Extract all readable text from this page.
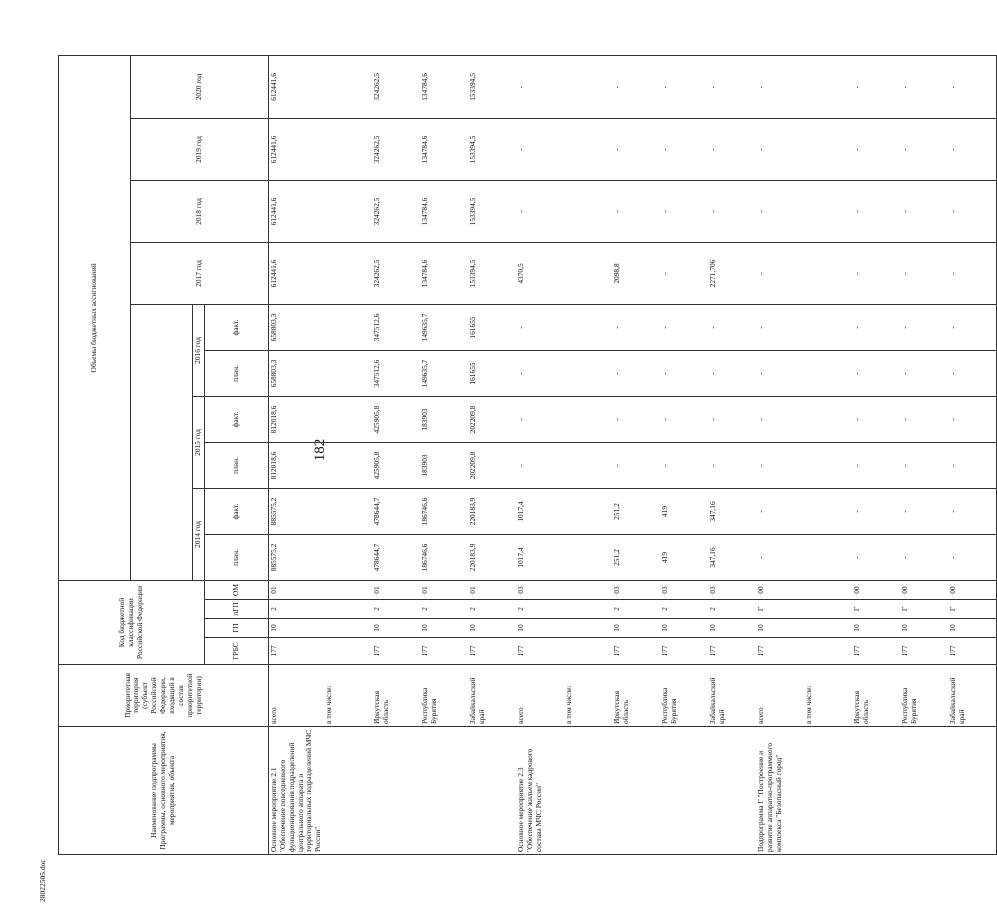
182
28022505.doc
Наименование подпрограммы Программы, основного мероприятия, мероприятия, объекта	Приоритетная территория (субъект Российской Федерации, входящий в состав приоритетной территории)	Код бюджетной классификации Российской Федерации				Объемы бюджетных ассигнований									
												2017 год	2018 год	2019 год	2020 год
						2014 год		2015 год		2016 год					
		ГРБС	ГП	пГП	ОМ	план.	факт.	план.	факт.	план.	факт.				
Основное мероприятие 2.1 "Обеспечение повседневного функционирования подразделений центрального аппарата и территориальных подразделений МЧС России"	всего	177	10	2	01	885575,2	885575,2	812018,6	812018,6	658803,3	658803,3	612441,6	612441,6	612441,6	612441,6
	в том числе:														
	Иркутская область	177	10	2	01	478644,7	478644,7	425905,8	425905,8	347512,6	347512,6	324262,5	324262,5	324262,5	324262,5
	Республика Бурятия	177	10	2	01	186746,6	186746,6	183903	183903	149635,7	149635,7	134784,6	134784,6	134784,6	134784,6
	Забайкальский край	177	10	2	01	220183,9	220183,9	202209,8	202209,8	161655	161655	153394,5	153394,5	153394,5	153394,5
Основное мероприятие 2.3 "Обеспечение жильем кадрового состава МЧС России"	всего	177	10	2	03	1017,4	1017,4	-	-	-	-	4370,5	-	-	-
	в том числе:														
	Иркутская область	177	10	2	03	251,2	251,2	-	-	-	-	2098,8	-	-	-
	Республика Бурятия	177	10	2	03	419	419	-	-	-	-	-	-	-	-
	Забайкальский край	177	10	2	03	347,16	347,16	-	-	-	-	2271,706	-	-	-
Подпрограмма Г "Построение и развитие аппаратно-программного комплекса "Безопасный город"	всего	177	10	Г	00	-	-	-	-	-	-	-	-	-	-
	в том числе:														
	Иркутская область	177	10	Г	00	-	-	-	-	-	-	-	-	-	-
	Республика Бурятия	177	10	Г	00	-	-	-	-	-	-	-	-	-	-
	Забайкальский край	177	10	Г	00	-	-	-	-	-	-	-	-	-	-
